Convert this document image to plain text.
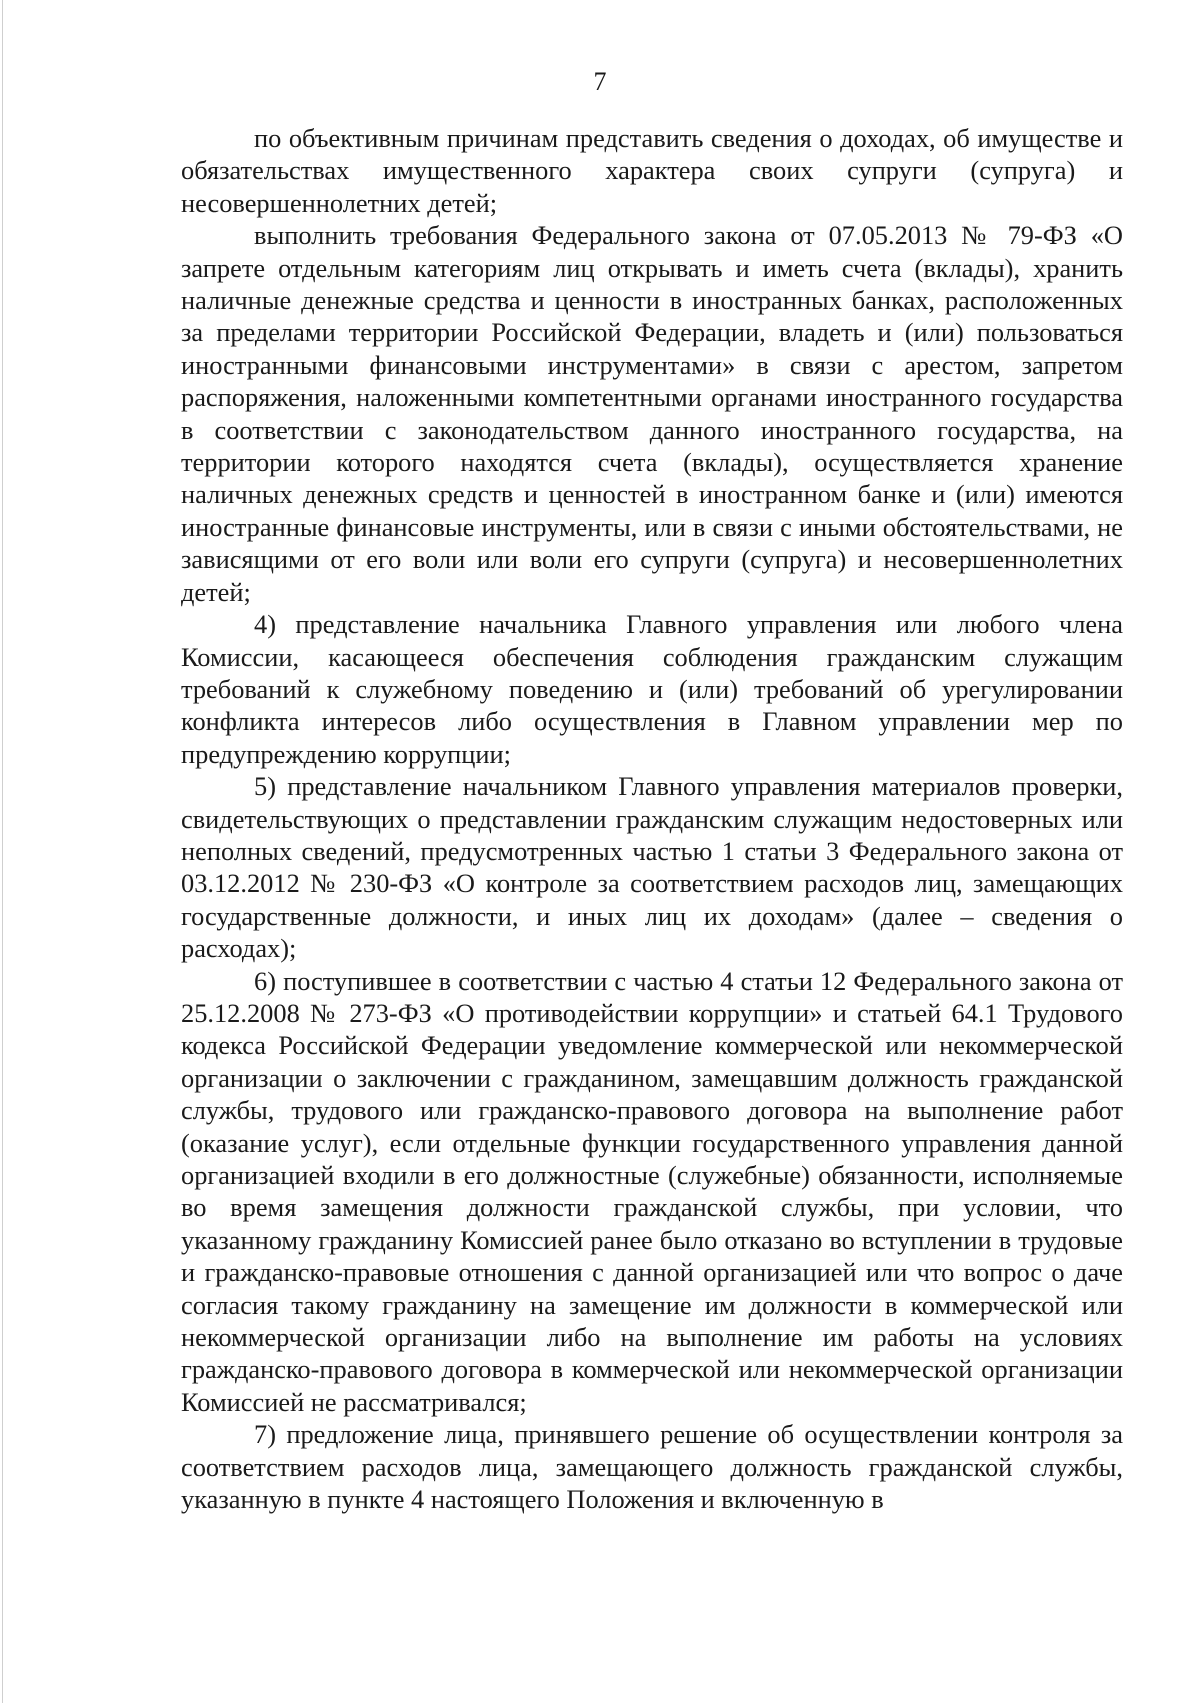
7

по объективным причинам представить сведения о доходах, об имуществе и обязательствах имущественного характера своих супруги (супруга) и несовершеннолетних детей;

выполнить требования Федерального закона от 07.05.2013 № 79-ФЗ «О запрете отдельным категориям лиц открывать и иметь счета (вклады), хранить наличные денежные средства и ценности в иностранных банках, расположенных за пределами территории Российской Федерации, владеть и (или) пользоваться иностранными финансовыми инструментами» в связи с арестом, запретом распоряжения, наложенными компетентными органами иностранного государства в соответствии с законодательством данного иностранного государства, на территории которого находятся счета (вклады), осуществляется хранение наличных денежных средств и ценностей в иностранном банке и (или) имеются иностранные финансовые инструменты, или в связи с иными обстоятельствами, не зависящими от его воли или воли его супруги (супруга) и несовершеннолетних детей;

4) представление начальника Главного управления или любого члена Комиссии, касающееся обеспечения соблюдения гражданским служащим требований к служебному поведению и (или) требований об урегулировании конфликта интересов либо осуществления в Главном управлении мер по предупреждению коррупции;

5) представление начальником Главного управления материалов проверки, свидетельствующих о представлении гражданским служащим недостоверных или неполных сведений, предусмотренных частью 1 статьи 3 Федерального закона от 03.12.2012 № 230-ФЗ «О контроле за соответствием расходов лиц, замещающих государственные должности, и иных лиц их доходам» (далее – сведения о расходах);

6) поступившее в соответствии с частью 4 статьи 12 Федерального закона от 25.12.2008 № 273-ФЗ «О противодействии коррупции» и статьей 64.1 Трудового кодекса Российской Федерации уведомление коммерческой или некоммерческой организации о заключении с гражданином, замещавшим должность гражданской службы, трудового или гражданско-правового договора на выполнение работ (оказание услуг), если отдельные функции государственного управления данной организацией входили в его должностные (служебные) обязанности, исполняемые во время замещения должности гражданской службы, при условии, что указанному гражданину Комиссией ранее было отказано во вступлении в трудовые и гражданско-правовые отношения с данной организацией или что вопрос о даче согласия такому гражданину на замещение им должности в коммерческой или некоммерческой организации либо на выполнение им работы на условиях гражданско-правового договора в коммерческой или некоммерческой организации Комиссией не рассматривался;

7) предложение лица, принявшего решение об осуществлении контроля за соответствием расходов лица, замещающего должность гражданской службы, указанную в пункте 4 настоящего Положения и включенную в
